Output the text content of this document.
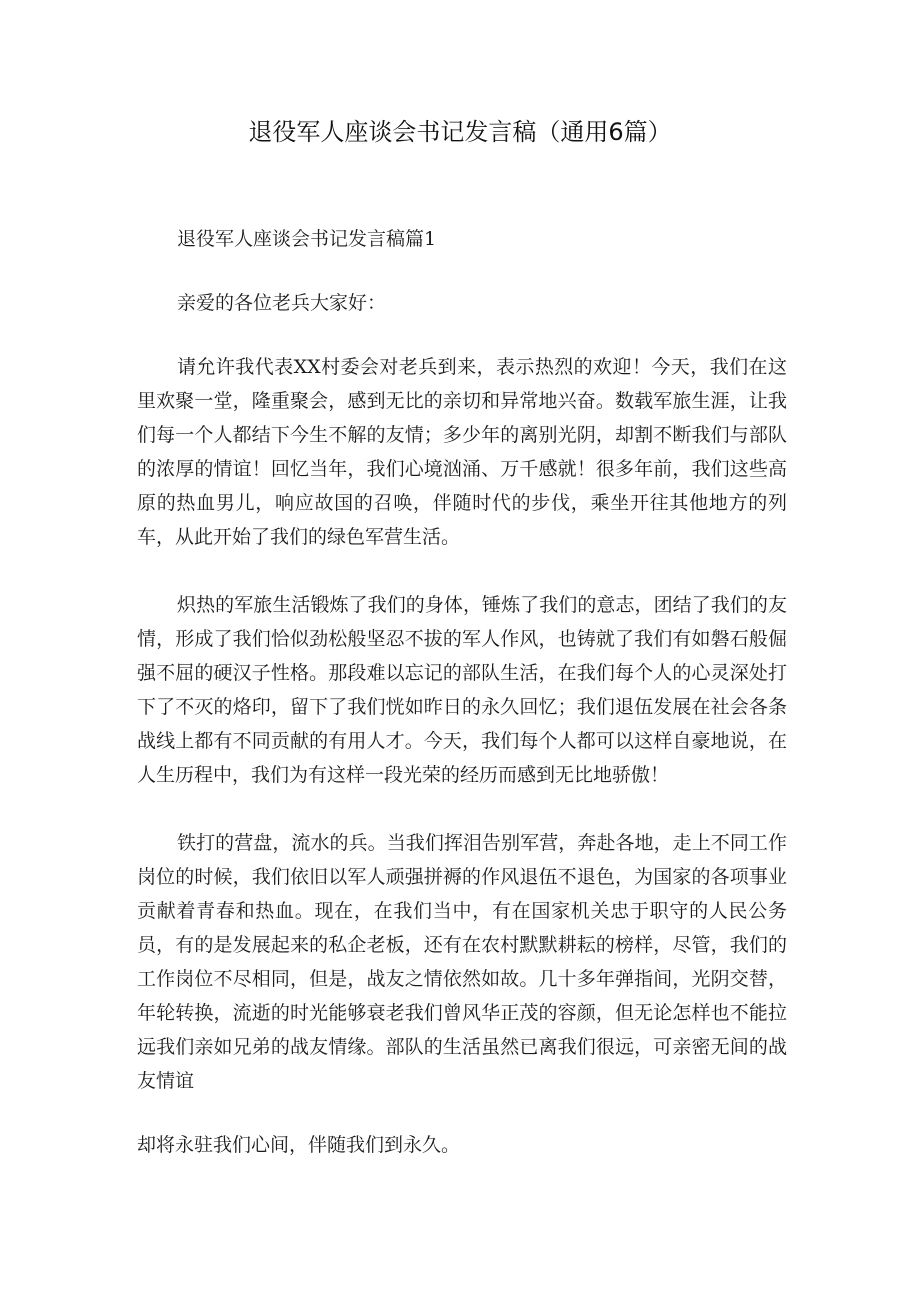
退役军人座谈会书记发言稿（通用6篇）

退役军人座谈会书记发言稿篇1

亲爱的各位老兵大家好：

请允许我代表XX村委会对老兵到来，表示热烈的欢迎！今天，我们在这里欢聚一堂，隆重聚会，感到无比的亲切和异常地兴奋。数载军旅生涯，让我们每一个人都结下今生不解的友情；多少年的离别光阴，却割不断我们与部队的浓厚的情谊！回忆当年，我们心境汹涌、万千感就！很多年前，我们这些高原的热血男儿，响应故国的召唤，伴随时代的步伐，乘坐开往其他地方的列车，从此开始了我们的绿色军营生活。

炽热的军旅生活锻炼了我们的身体，锤炼了我们的意志，团结了我们的友情，形成了我们恰似劲松般坚忍不拔的军人作风，也铸就了我们有如磐石般倔强不屈的硬汉子性格。那段难以忘记的部队生活，在我们每个人的心灵深处打下了不灭的烙印，留下了我们恍如昨日的永久回忆；我们退伍发展在社会各条战线上都有不同贡献的有用人才。今天，我们每个人都可以这样自豪地说，在人生历程中，我们为有这样一段光荣的经历而感到无比地骄傲！

铁打的营盘，流水的兵。当我们挥泪告别军营，奔赴各地，走上不同工作岗位的时候，我们依旧以军人顽强拼褥的作风退伍不退色，为国家的各项事业贡献着青春和热血。现在，在我们当中，有在国家机关忠于职守的人民公务员，有的是发展起来的私企老板，还有在农村默默耕耘的榜样，尽管，我们的工作岗位不尽相同，但是，战友之情依然如故。几十多年弹指间，光阴交替，年轮转换，流逝的时光能够衰老我们曾风华正茂的容颜，但无论怎样也不能拉远我们亲如兄弟的战友情缘。部队的生活虽然已离我们很远，可亲密无间的战友情谊

却将永驻我们心间，伴随我们到永久。
